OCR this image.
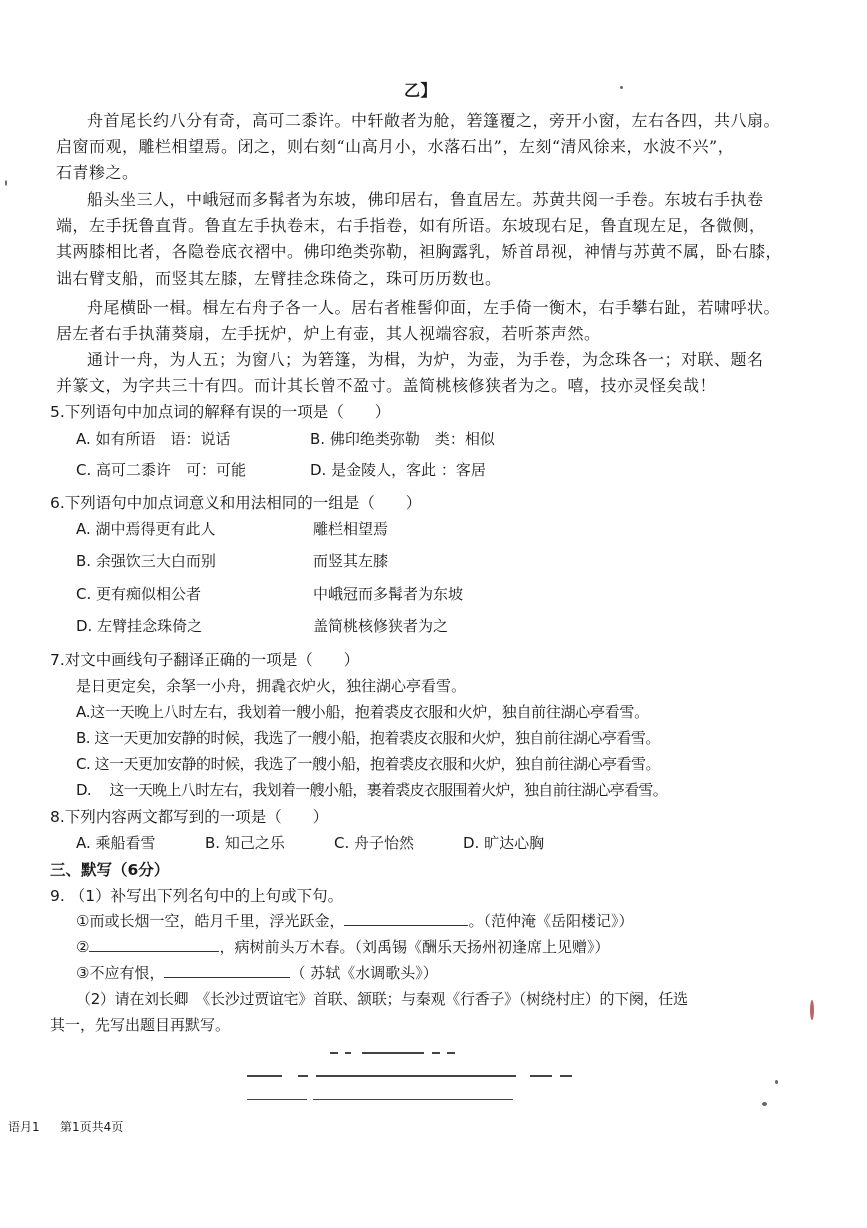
乙】
舟首尾长约八分有奇，高可二黍许。中轩敞者为舱，箬篷覆之，旁开小窗，左右各四，共八扇。
启窗而观，雕栏相望焉。闭之，则右刻“山高月小，水落石出”，左刻“清风徐来，水波不兴”，
石青糁之。
船头坐三人，中峨冠而多髯者为东坡，佛印居右，鲁直居左。苏黄共阅一手卷。东坡右手执卷
端，左手抚鲁直背。鲁直左手执卷末，右手指卷，如有所语。东坡现右足，鲁直现左足，各微侧，
其两膝相比者，各隐卷底衣褶中。佛印绝类弥勒，袒胸露乳，矫首昂视，神情与苏黄不属，卧右膝，
诎右臂支船，而竖其左膝，左臂挂念珠倚之，珠可历历数也。
舟尾横卧一楫。楫左右舟子各一人。居右者椎髻仰面，左手倚一衡木，右手攀右趾，若啸呼状。
居左者右手执蒲葵扇，左手抚炉，炉上有壶，其人视端容寂，若听茶声然。
通计一舟，为人五；为窗八；为箬篷，为楫，为炉，为壶，为手卷，为念珠各一；对联、题名
并篆文，为字共三十有四。而计其长曾不盈寸。盖简桃核修狭者为之。嘻，技亦灵怪矣哉！
5.下列语句中加点词的解释有误的一项是（　　）
A. 如有所语　语：说话	B. 佛印绝类弥勒　类：相似
C. 高可二黍许　可：可能	D. 是金陵人，客此 ：客居
6.下列语句中加点词意义和用法相同的一组是（　　）
A. 湖中焉得更有此人	雕栏相望焉
B. 余强饮三大白而别	而竖其左膝
C. 更有痴似相公者	中峨冠而多髯者为东坡
D. 左臂挂念珠倚之	盖简桃核修狭者为之
7.对文中画线句子翻译正确的一项是（　　）
是日更定矣，余拏一小舟，拥毳衣炉火，独往湖心亭看雪。
A.这一天晚上八时左右，我划着一艘小船，抱着裘皮衣服和火炉，独自前往湖心亭看雪。
B. 这一天更加安静的时候，我选了一艘小船，抱着裘皮衣服和火炉，独自前往湖心亭看雪。
C. 这一天更加安静的时候，我选了一艘小船，抱着裘皮衣服和火炉，独自前往湖心亭看雪。
D.　 这一天晚上八时左右，我划着一艘小船，裹着裘皮衣服围着火炉，独自前往湖心亭看雪。
8.下列内容两文都写到的一项是（　　）
A. 乘船看雪	B. 知己之乐	C. 舟子怡然	D. 旷达心胸
三、默写（6分）
9. （1）补写出下列名句中的上句或下句。
①而或长烟一空，皓月千里，浮光跃金，	。（范仲淹《岳阳楼记》）
②	，病树前头万木春。（刘禹锡《酬乐天扬州初逢席上见赠》）
③不应有恨，	（ 苏轼《水调歌头》）
（2）请在刘长卿　《长沙过贾谊宅》首联、颔联；与秦观《行香子》（树绕村庄）的下阕，任选
其一，先写出题目再默写。
语月1 第1页共4页
